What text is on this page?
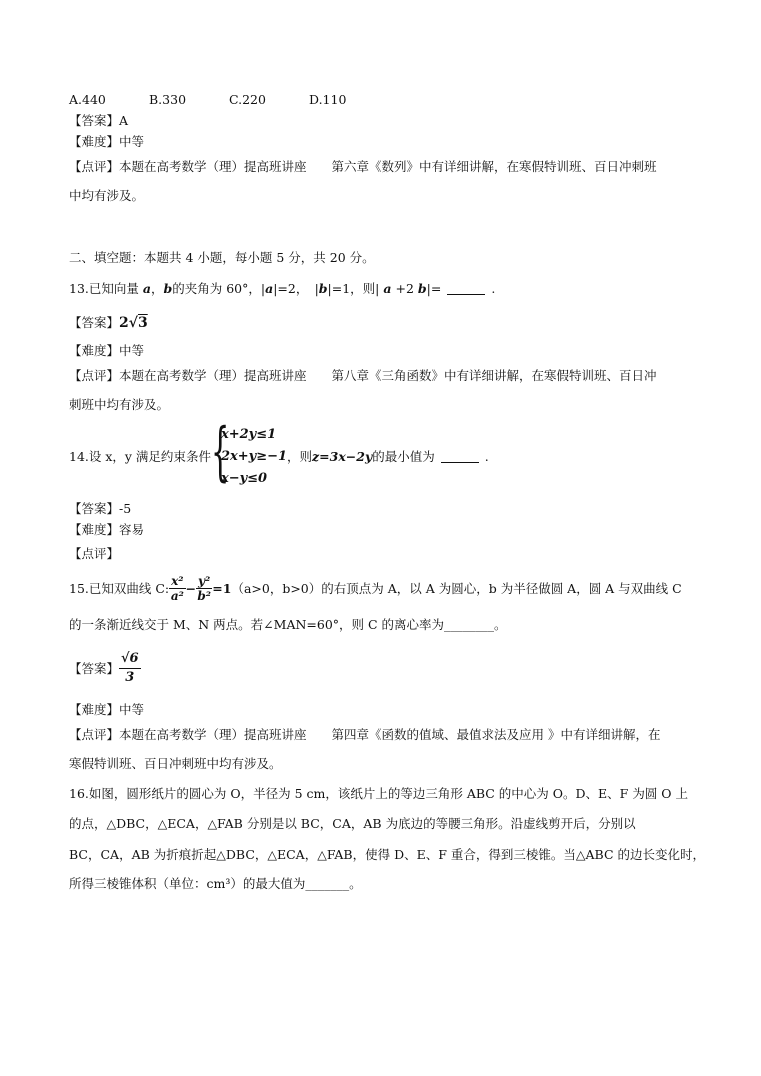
A.440	B.330	C.220	D.110
【答案】A
【难度】中等
【点评】本题在高考数学（理）提高班讲座　　第六章《数列》中有详细讲解，在寒假特训班、百日冲刺班
中均有涉及。
二、填空题：本题共 4 小题，每小题 5 分，共 20 分。
13.已知向量 a，b的夹角为 60°，|a|=2，　|b|=1，则| a +2 b|=	.
【答案】2√3
【难度】中等
【点评】本题在高考数学（理）提高班讲座　　第八章《三角函数》中有详细讲解，在寒假特训班、百日冲
刺班中均有涉及。
14.设 x，y 满足约束条件 {
x+2y≤1
2x+y≥−1
x−y≤0
，则z=3x−2y的最小值为	.
【答案】-5
【难度】容易
【点评】
15.已知双曲线 C: $\frac{\text{x²}}{\text{a²}} - \frac{\text{y²}}{\text{b²}} =1(a>0$，b>0）的右顶点为 A，以 A 为圆心，b 为半径做圆 A，圆 A 与双曲线 C
的一条渐近线交于 M、N 两点。若∠MAN=60°，则 C 的离心率为________。
【答案】 $\frac{√6}{3}$
【难度】中等
【点评】本题在高考数学（理）提高班讲座　　第四章《函数的值域、最值求法及应用 》中有详细讲解，在
寒假特训班、百日冲刺班中均有涉及。
16.如图，圆形纸片的圆心为 O，半径为 5 cm，该纸片上的等边三角形 ABC 的中心为 O。D、E、F 为圆 O 上
的点，△DBC，△ECA，△FAB 分别是以 BC，CA，AB 为底边的等腰三角形。沿虚线剪开后，分别以
BC，CA，AB 为折痕折起△DBC，△ECA，△FAB，使得 D、E、F 重合，得到三棱锥。当△ABC 的边长变化时，
所得三棱锥体积（单位：cm³）的最大值为_______。
